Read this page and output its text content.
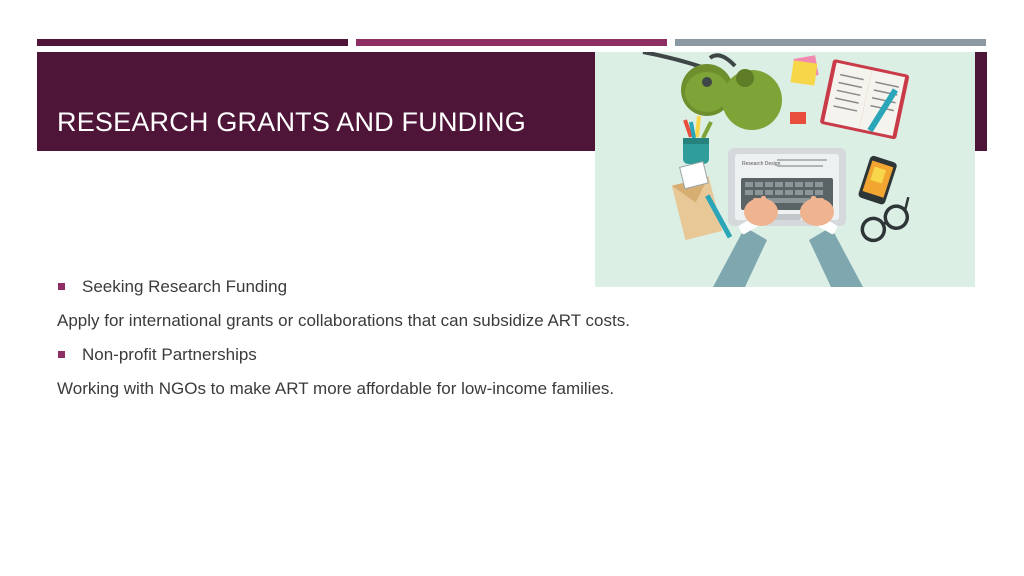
RESEARCH GRANTS AND FUNDING
Research Design
Seeking Research Funding
Apply for international grants or collaborations that can subsidize ART costs.
Non-profit Partnerships
Working with NGOs to make ART more affordable for low-income families.
